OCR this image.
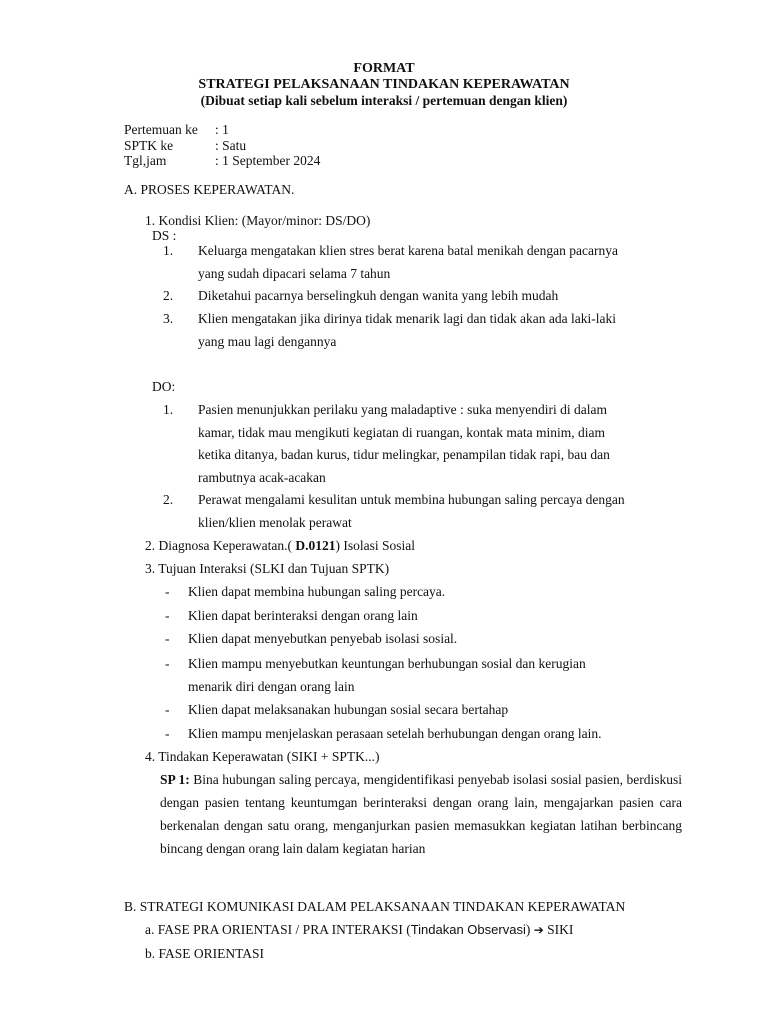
FORMAT
STRATEGI PELAKSANAAN TINDAKAN KEPERAWATAN
(Dibuat setiap kali sebelum interaksi / pertemuan dengan klien)
Pertemuan ke : 1
SPTK ke	: Satu
Tgl,jam	: 1 September 2024
A. PROSES KEPERAWATAN.
1. Kondisi Klien: (Mayor/minor: DS/DO)
DS :
1. Keluarga mengatakan klien stres berat karena batal menikah dengan pacarnya
yang sudah dipacari selama 7 tahun
2. Diketahui pacarnya berselingkuh dengan wanita yang lebih mudah
3. Klien mengatakan jika dirinya tidak menarik lagi dan tidak akan ada laki-laki
yang mau lagi dengannya
DO:
1. Pasien menunjukkan perilaku yang maladaptive : suka menyendiri di dalam
kamar, tidak mau mengikuti kegiatan di ruangan, kontak mata minim, diam
ketika ditanya, badan kurus, tidur melingkar, penampilan tidak rapi, bau dan
rambutnya acak-acakan
2. Perawat mengalami kesulitan untuk membina hubungan saling percaya dengan
klien/klien menolak perawat
2. Diagnosa Keperawatan.( D.0121) Isolasi Sosial
3. Tujuan Interaksi (SLKI dan Tujuan SPTK)
- Klien dapat membina hubungan saling percaya.
- Klien dapat berinteraksi dengan orang lain
- Klien dapat menyebutkan penyebab isolasi sosial.
- Klien mampu menyebutkan keuntungan berhubungan sosial dan kerugian
menarik diri dengan orang lain
- Klien dapat melaksanakan hubungan sosial secara bertahap
- Klien mampu menjelaskan perasaan setelah berhubungan dengan orang lain.
4. Tindakan Keperawatan (SIKI + SPTK...)
SP 1: Bina hubungan saling percaya, mengidentifikasi penyebab isolasi sosial pasien, berdiskusi dengan pasien tentang keuntumgan berinteraksi dengan orang lain, mengajarkan pasien cara berkenalan dengan satu orang, menganjurkan pasien memasukkan kegiatan latihan berbincang bincang dengan orang lain dalam kegiatan harian
B. STRATEGI KOMUNIKASI DALAM PELAKSANAAN TINDAKAN KEPERAWATAN
a. FASE PRA ORIENTASI / PRA INTERAKSI (Tindakan Observasi) ➔ SIKI
b. FASE ORIENTASI
